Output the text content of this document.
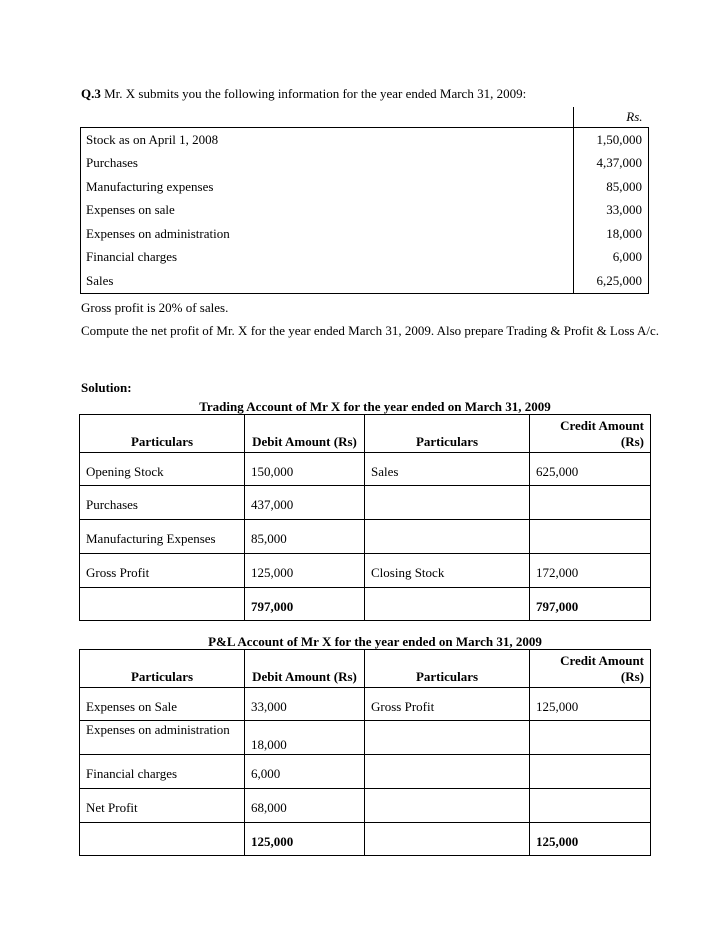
Q.3 Mr. X submits you the following information for the year ended March 31, 2009:
	Rs.
Stock as on April 1, 2008	1,50,000
Purchases	4,37,000
Manufacturing expenses	85,000
Expenses on sale	33,000
Expenses on administration	18,000
Financial charges	6,000
Sales	6,25,000
Gross profit is 20% of sales.
Compute the net profit of Mr. X for the year ended March 31, 2009. Also prepare Trading & Profit & Loss A/c.
Solution:
Trading Account of Mr X for the year ended on March 31, 2009
Particulars	Debit Amount (Rs)	Particulars	Credit Amount (Rs)
Opening Stock	150,000	Sales	625,000
Purchases	437,000		
Manufacturing Expenses	85,000		
Gross Profit	125,000	Closing Stock	172,000
	797,000		797,000
P&L Account of Mr X for the year ended on March 31, 2009
Particulars	Debit Amount (Rs)	Particulars	Credit Amount (Rs)
Expenses on Sale	33,000	Gross Profit	125,000
Expenses on administration	18,000		
Financial charges	6,000		
Net Profit	68,000		
	125,000		125,000
